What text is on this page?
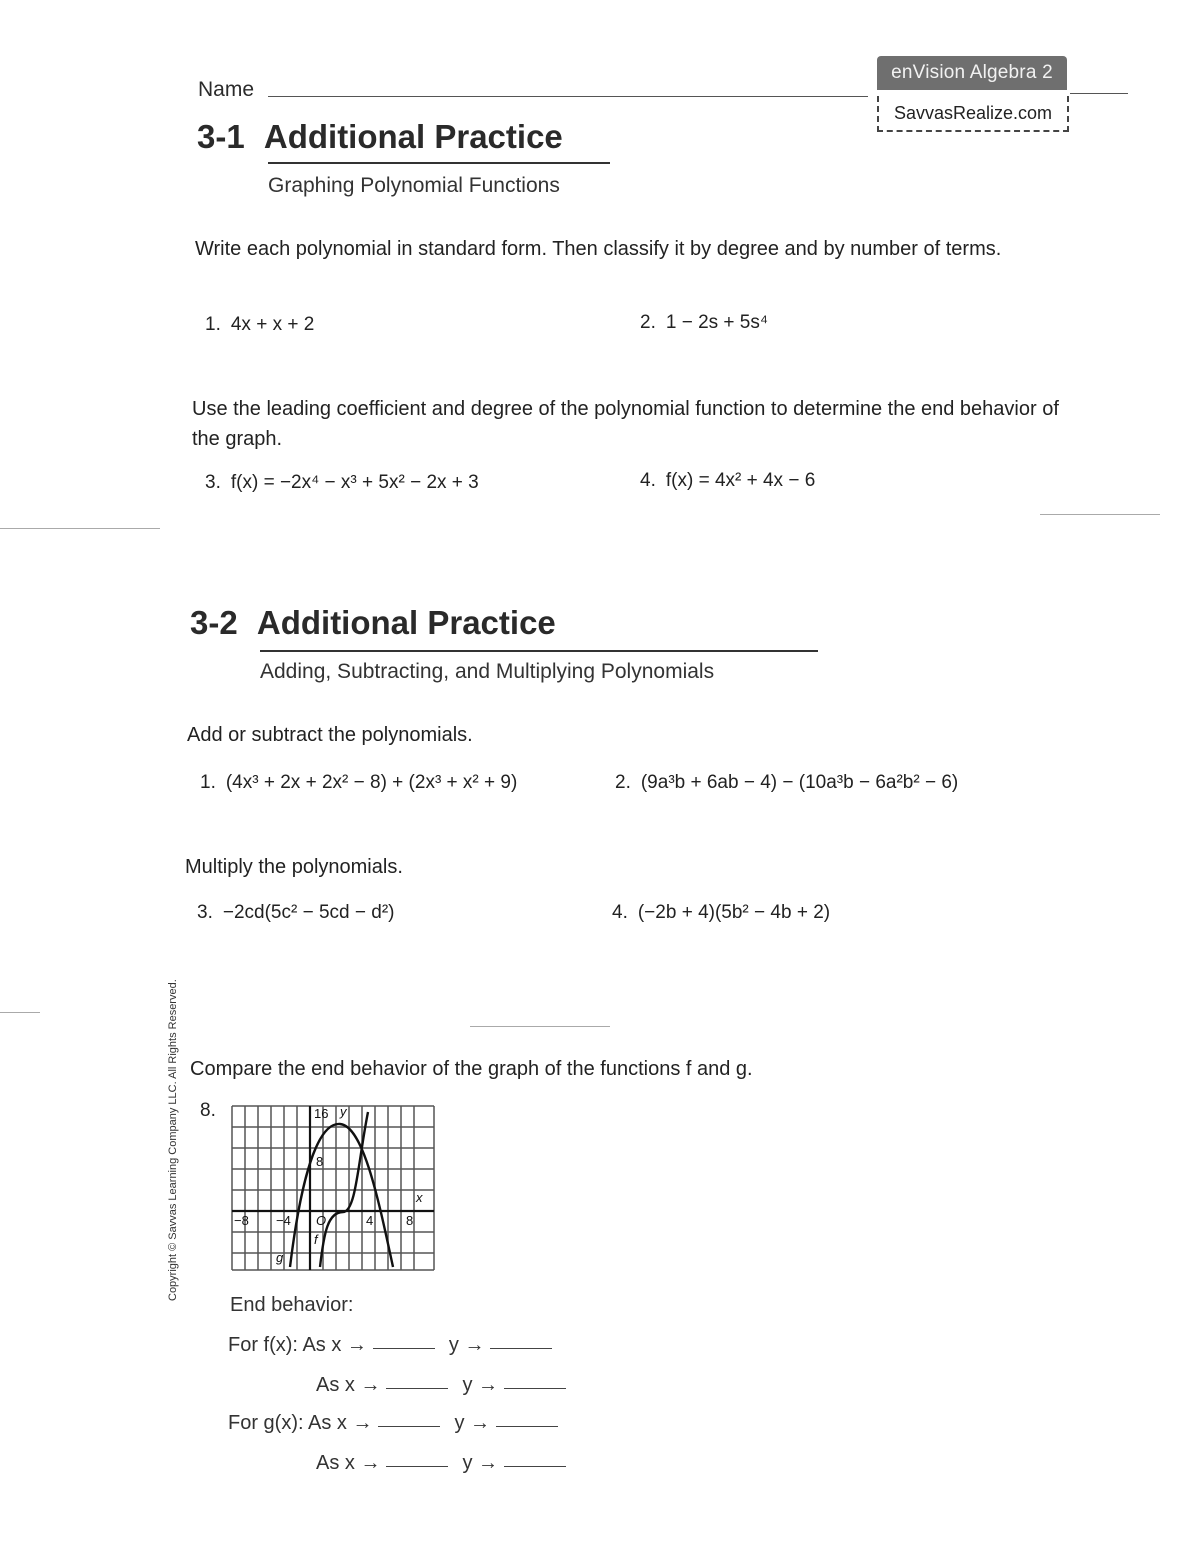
Name
enVision Algebra 2
SavvasRealize.com
3-1 Additional Practice
Graphing Polynomial Functions
Write each polynomial in standard form. Then classify it by degree and by number of terms.
1. 4x + x + 2	2. 1 − 2s + 5s⁴
Use the leading coefficient and degree of the polynomial function to determine the end behavior of the graph.
3. f(x) = −2x⁴ − x³ + 5x² − 2x + 3	4. f(x) = 4x² + 4x − 6
3-2 Additional Practice
Adding, Subtracting, and Multiplying Polynomials
Add or subtract the polynomials.
1. (4x³ + 2x + 2x² − 8) + (2x³ + x² + 9)	2. (9a³b + 6ab − 4) − (10a³b − 6a²b² − 6)
Multiply the polynomials.
3. −2cd(5c² − 5cd − d²)	4. (−2b + 4)(5b² − 4b + 2)
Copyright © Savvas Learning Company LLC. All Rights Reserved. Compare the end behavior of the graph of the functions f and g.
8.	16 y
8
x
−8 −4 O	4	8
f
g
End behavior:
For f(x): As x →	y →
As x →	y →
For g(x): As x →	y →
As x →	y →
